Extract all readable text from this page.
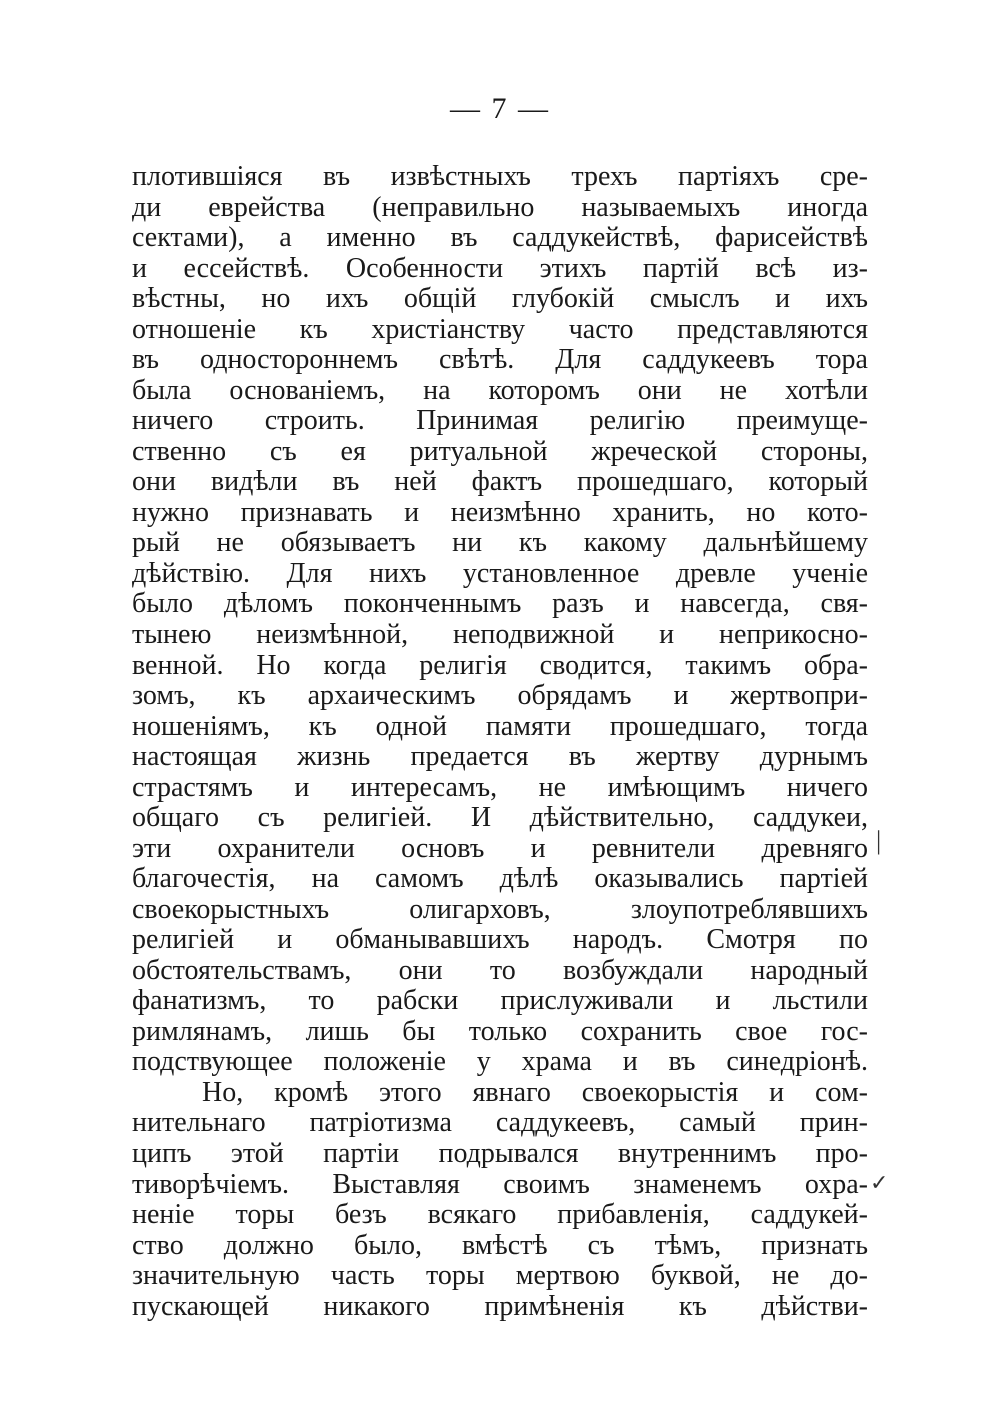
— 7 —
плотившіяся въ извѣстныхъ трехъ партіяхъ сре-
ди еврейства (неправильно называемыхъ иногда
сектами), а именно въ саддукействѣ, фарисействѣ
и ессействѣ. Особенности этихъ партій всѣ из-
вѣстны, но ихъ общій глубокій смыслъ и ихъ
отношеніе къ христіанству часто представляются
въ одностороннемъ свѣтѣ. Для саддукеевъ тора
была основаніемъ, на которомъ они не хотѣли
ничего строить. Принимая религію преимуще-
ственно съ ея ритуальной жреческой стороны,
они видѣли въ ней фактъ прошедшаго, который
нужно признавать и неизмѣнно хранить, но кото-
рый не обязываетъ ни къ какому дальнѣйшему
дѣйствію. Для нихъ установленное древле ученіе
было дѣломъ поконченнымъ разъ и навсегда, свя-
тынею неизмѣнной, неподвижной и неприкосно-
венной. Но когда религія сводится, такимъ обра-
зомъ, къ архаическимъ обрядамъ и жертвопри-
ношеніямъ, къ одной памяти прошедшаго, тогда
настоящая жизнь предается въ жертву дурнымъ
страстямъ и интересамъ, не имѣющимъ ничего
общаго съ религіей. И дѣйствительно, саддукеи,
эти охранители основъ и ревнители древняго
благочестія, на самомъ дѣлѣ оказывались партіей
своекорыстныхъ олигарховъ, злоупотреблявшихъ
религіей и обманывавшихъ народъ. Смотря по
обстоятельствамъ, они то возбуждали народный
фанатизмъ, то рабски прислуживали и льстили
римлянамъ, лишь бы только сохранить свое гос-
подствующее положеніе у храма и въ синедріонѣ.
Но, кромѣ этого явнаго своекорыстія и сом-
нительнаго патріотизма саддукеевъ, самый прин-
ципъ этой партіи подрывался внутреннимъ про-
тиворѣчіемъ. Выставляя своимъ знаменемъ охра-
неніе торы безъ всякаго прибавленія, саддукей-
ство должно было, вмѣстѣ съ тѣмъ, признать
значительную часть торы мертвою буквой, не до-
пускающей никакого примѣненія къ дѣйстви-
|
✓
